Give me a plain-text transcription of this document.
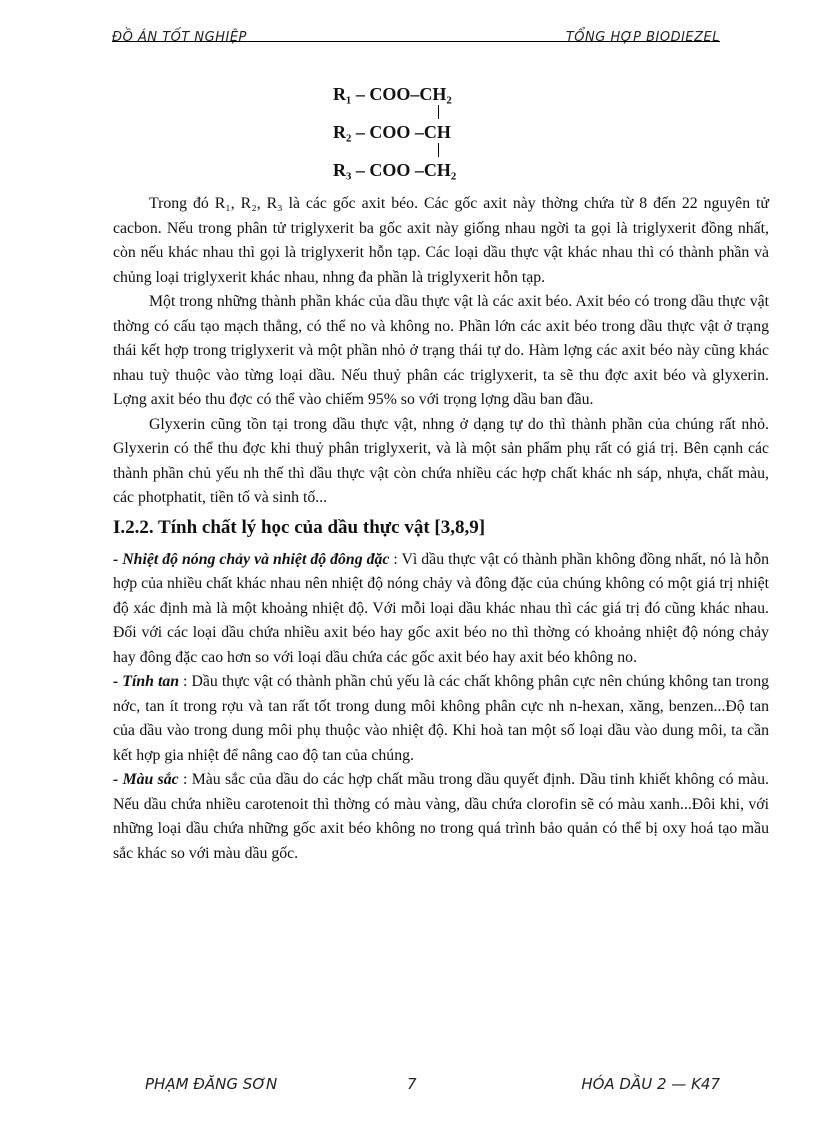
ĐỒ ÁN TỐT NGHIỆP	TỔNG HỢP BIODIEZEL
R₁ – COO–CH₂
R₂ – COO –CH
R₃ – COO –CH₂

Trong đó R₁, R₂, R₃ là các gốc axit béo. Các gốc axit này thờng chứa từ 8 đến 22 nguyên tử cacbon. Nếu trong phân tử triglyxerit ba gốc axit này giống nhau ngời ta gọi là triglyxerit đồng nhất, còn nếu khác nhau thì gọi là triglyxerit hỗn tạp. Các loại dầu thực vật khác nhau thì có thành phần và chủng loại triglyxerit khác nhau, nhng đa phần là triglyxerit hỗn tạp.

Một trong những thành phần khác của dầu thực vật là các axit béo. Axit béo có trong dầu thực vật thờng có cấu tạo mạch thẳng, có thể no và không no. Phần lớn các axit béo trong dầu thực vật ở trạng thái kết hợp trong triglyxerit và một phần nhỏ ở trạng thái tự do. Hàm lợng các axit béo này cũng khác nhau tuỳ thuộc vào từng loại dầu. Nếu thuỷ phân các triglyxerit, ta sẽ thu đợc axit béo và glyxerin. Lợng axit béo thu đợc có thể vào chiếm 95% so với trọng lợng dầu ban đầu.

Glyxerin cũng tồn tại trong dầu thực vật, nhng ở dạng tự do thì thành phần của chúng rất nhỏ. Glyxerin có thể thu đợc khi thuỷ phân triglyxerit, và là một sản phẩm phụ rất có giá trị. Bên cạnh các thành phần chủ yếu nh thế thì dầu thực vật còn chứa nhiều các hợp chất khác nh sáp, nhựa, chất màu, các photphatit, tiền tố và sinh tố...

I.2.2. Tính chất lý học của dầu thực vật [3,8,9]

- Nhiệt độ nóng chảy và nhiệt độ đông đặc : Vì dầu thực vật có thành phần không đồng nhất, nó là hỗn hợp của nhiều chất khác nhau nên nhiệt độ nóng chảy và đông đặc của chúng không có một giá trị nhiệt độ xác định mà là một khoảng nhiệt độ. Với mỗi loại dầu khác nhau thì các giá trị đó cũng khác nhau. Đối với các loại dầu chứa nhiều axit béo hay gốc axit béo no thì thờng có khoảng nhiệt độ nóng chảy hay đông đặc cao hơn so với loại dầu chứa các gốc axit béo hay axit béo không no.

- Tính tan : Dầu thực vật có thành phần chủ yếu là các chất không phân cực nên chúng không tan trong nớc, tan ít trong rợu và tan rất tốt trong dung môi không phân cực nh n-hexan, xăng, benzen...Độ tan của dầu vào trong dung môi phụ thuộc vào nhiệt độ. Khi hoà tan một số loại dầu vào dung môi, ta cần kết hợp gia nhiệt để nâng cao độ tan của chúng.

- Màu sắc : Màu sắc của dầu do các hợp chất mầu trong dầu quyết định. Dầu tinh khiết không có màu. Nếu dầu chứa nhiều carotenoit thì thờng có màu vàng, dầu chứa clorofin sẽ có màu xanh...Đôi khi, với những loại dầu chứa những gốc axit béo không no trong quá trình bảo quản có thể bị oxy hoá tạo mầu sắc khác so với màu dầu gốc.

PHẠM ĐĂNG SƠN	7	HÓA DẦU 2 — K47
